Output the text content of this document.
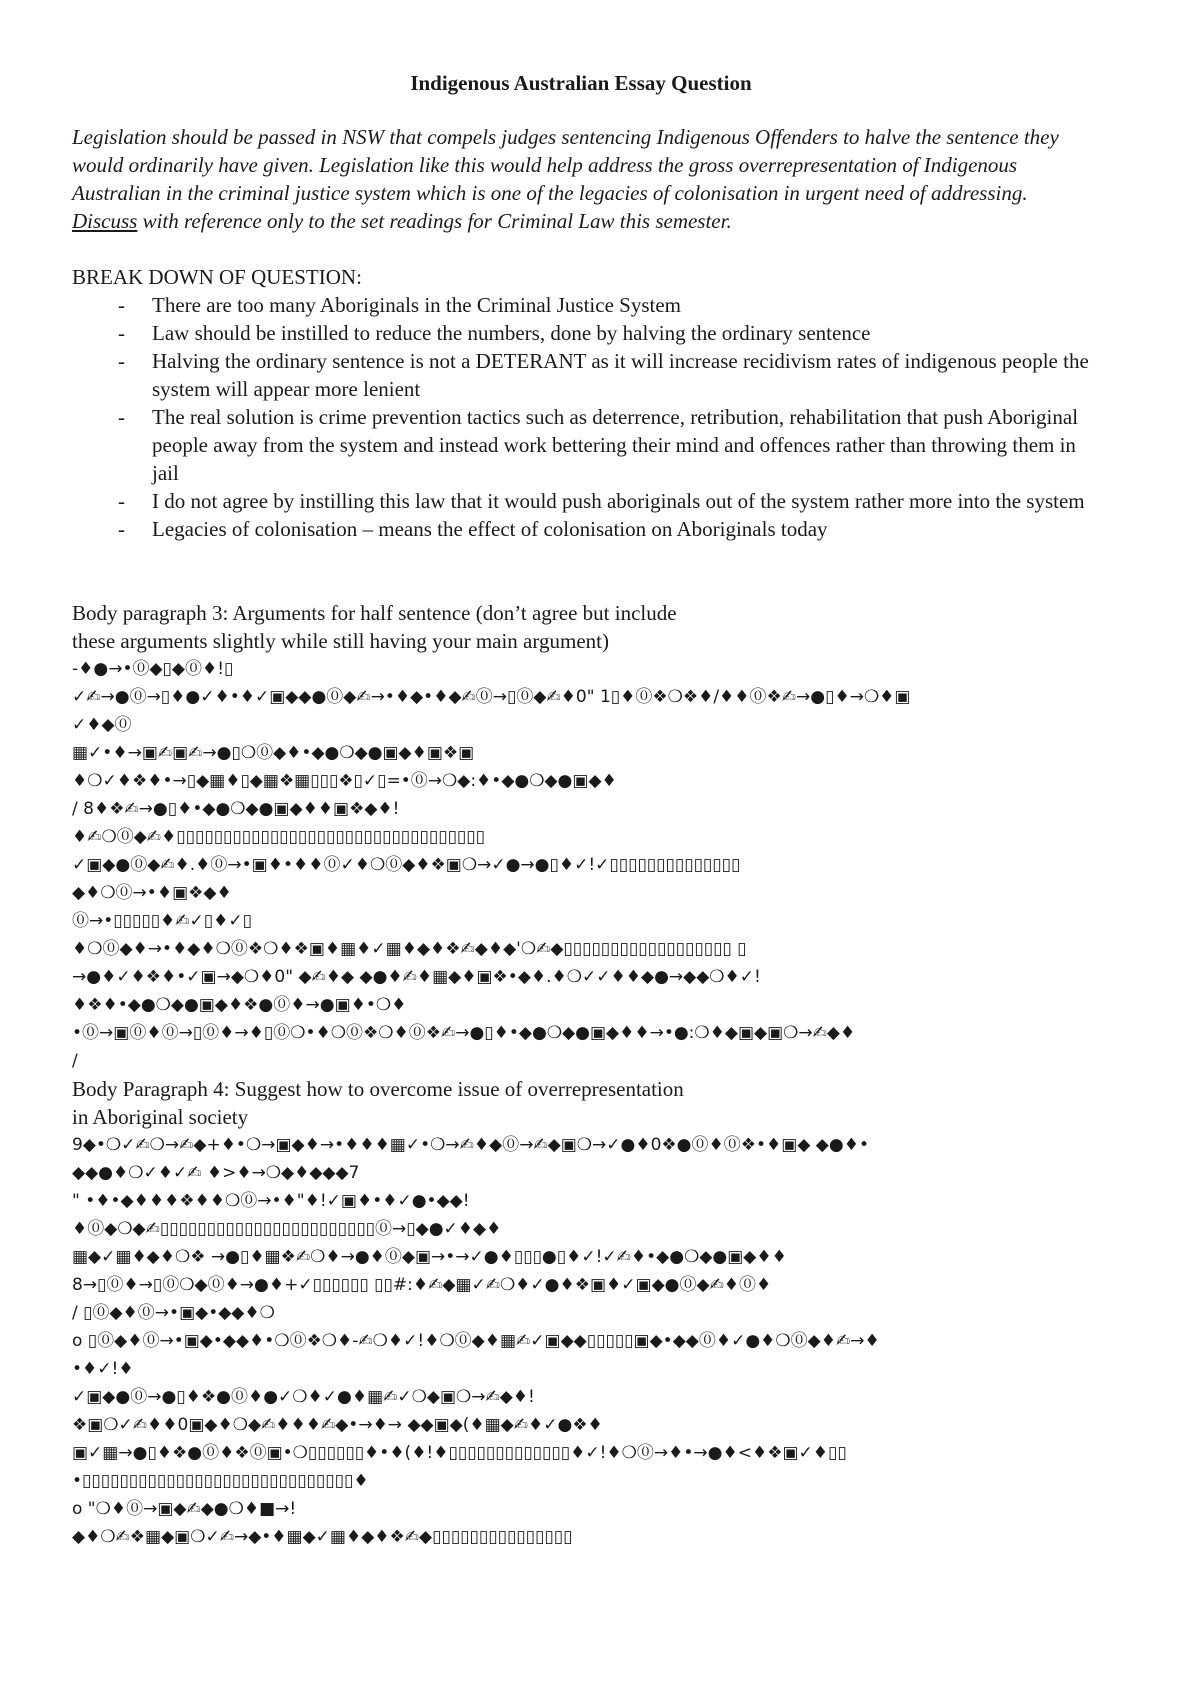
Indigenous Australian Essay Question

Legislation should be passed in NSW that compels judges sentencing Indigenous Offenders to halve the sentence they would ordinarily have given. Legislation like this would help address the gross overrepresentation of Indigenous Australian in the criminal justice system which is one of the legacies of colonisation in urgent need of addressing. Discuss with reference only to the set readings for Criminal Law this semester.

BREAK DOWN OF QUESTION:
- There are too many Aboriginals in the Criminal Justice System
- Law should be instilled to reduce the numbers, done by halving the ordinary sentence
- Halving the ordinary sentence is not a DETERANT as it will increase recidivism rates of indigenous people the system will appear more lenient
- The real solution is crime prevention tactics such as deterrence, retribution, rehabilitation that push Aboriginal people away from the system and instead work bettering their mind and offences rather than throwing them in jail
- I do not agree by instilling this law that it would push aboriginals out of the system rather more into the system
- Legacies of colonisation – means the effect of colonisation on Aboriginals today
Body paragraph 3: Arguments for half sentence (don’t agree but include
these arguments slightly while still having your main argument)
-♦●→•⓪◆▯◆⓪♦!▯
✓✍→●⓪→▯♦●✓♦•♦✓▣◆◆●⓪◆✍→•♦◆•♦◆✍⓪→▯⓪◆✍♦0" 1▯♦⓪❖❍❖♦/♦♦⓪❖✍→●▯♦→❍♦▣
✓♦◆⓪
▦✓•♦→▣✍▣✍→●▯❍⓪◆♦•◆●❍◆●▣◆♦▣❖▣
♦❍✓♦❖♦•→▯◆▦♦▯◆▦❖▦▯▯▯❖▯✓▯=•⓪→❍◆:♦•◆●❍◆●▣◆♦
/ 8♦❖✍→●▯♦•◆●❍◆●▣◆♦♦▣❖◆♦!
♦✍❍⓪◆✍♦▯▯▯▯▯▯▯▯▯▯▯▯▯▯▯▯▯▯▯▯▯▯▯▯▯▯▯▯▯▯▯▯▯
✓▣◆●⓪◆✍♦.♦⓪→•▣♦•♦♦⓪✓♦❍⓪◆♦❖▣❍→✓●→●▯♦✓!✓▯▯▯▯▯▯▯▯▯▯▯▯▯▯
◆♦❍⓪→•♦▣❖◆♦
⓪→•▯▯▯▯▯♦✍✓▯♦✓▯
♦❍⓪◆♦→•♦◆♦❍⓪❖❍♦❖▣♦▦♦✓▦♦◆♦❖✍◆♦◆'❍✍◆▯▯▯▯▯▯▯▯▯▯▯▯▯▯▯▯▯▯ ▯
→●♦✓♦❖♦•✓▣→◆❍♦0" ◆✍♦◆ ◆●♦✍♦▦◆♦▣❖•◆♦.♦❍✓✓♦♦◆●→◆◆❍♦✓!
♦❖♦•◆●❍◆●▣◆♦❖●⓪♦→●▣♦•❍♦
•⓪→▣⓪♦⓪→▯⓪♦→♦▯⓪❍•♦❍⓪❖❍♦⓪❖✍→●▯♦•◆●❍◆●▣◆♦♦→•●:❍♦◆▣◆▣❍→✍◆♦
/
Body Paragraph 4: Suggest how to overcome issue of overrepresentation
in Aboriginal society
9◆•❍✓✍❍→✍◆+♦•❍→▣◆♦→•♦♦♦▦✓•❍→✍♦◆⓪→✍◆▣❍→✓●♦0❖●⓪♦⓪❖•♦▣◆ ◆●♦•
◆◆●♦❍✓♦✓✍ ♦>♦→❍◆♦◆◆◆7
" •♦•◆♦♦♦❖♦♦❍⓪→•♦"♦!✓▣♦•♦✓●•◆◆!
♦⓪◆❍◆✍▯▯▯▯▯▯▯▯▯▯▯▯▯▯▯▯▯▯▯▯▯▯▯⓪→▯◆●✓♦◆♦
▦◆✓▦♦◆♦❍❖ →●▯♦▦❖✍❍♦→●♦⓪◆▣→•→✓●♦▯▯▯●▯♦✓!✓✍♦•◆●❍◆●▣◆♦♦
8→▯⓪♦→▯⓪❍◆⓪♦→●♦+✓▯▯▯▯▯▯ ▯▯#:♦✍◆▦✓✍❍♦✓●♦❖▣♦✓▣◆●⓪◆✍♦⓪♦
/ ▯⓪◆♦⓪→•▣◆•◆◆♦❍
o ▯⓪◆♦⓪→•▣◆•◆◆♦•❍⓪❖❍♦-✍❍♦✓!♦❍⓪◆♦▦✍✓▣◆◆▯▯▯▯▯▣◆•◆◆⓪♦✓●♦❍⓪◆♦✍→♦
•♦✓!♦
✓▣◆●⓪→●▯♦❖●⓪♦●✓❍♦✓●♦▦✍✓❍◆▣❍→✍◆♦!
❖▣❍✓✍♦♦0▣◆♦❍◆✍♦♦♦✍◆•→♦→ ◆◆▣◆(♦▦◆✍♦✓●❖♦
▣✓▦→●▯♦❖●⓪♦❖⓪▣•❍▯▯▯▯▯▯♦•♦(♦!♦▯▯▯▯▯▯▯▯▯▯▯▯▯♦✓!♦❍⓪→♦•→●♦<♦❖▣✓♦▯▯
•▯▯▯▯▯▯▯▯▯▯▯▯▯▯▯▯▯▯▯▯▯▯▯▯▯▯▯▯▯♦
o "❍♦⓪→▣◆✍◆●❍♦■→!
◆♦❍✍❖▦◆▣❍✓✍→◆•♦▦◆✓▦♦◆♦❖✍◆▯▯▯▯▯▯▯▯▯▯▯▯▯▯▯
